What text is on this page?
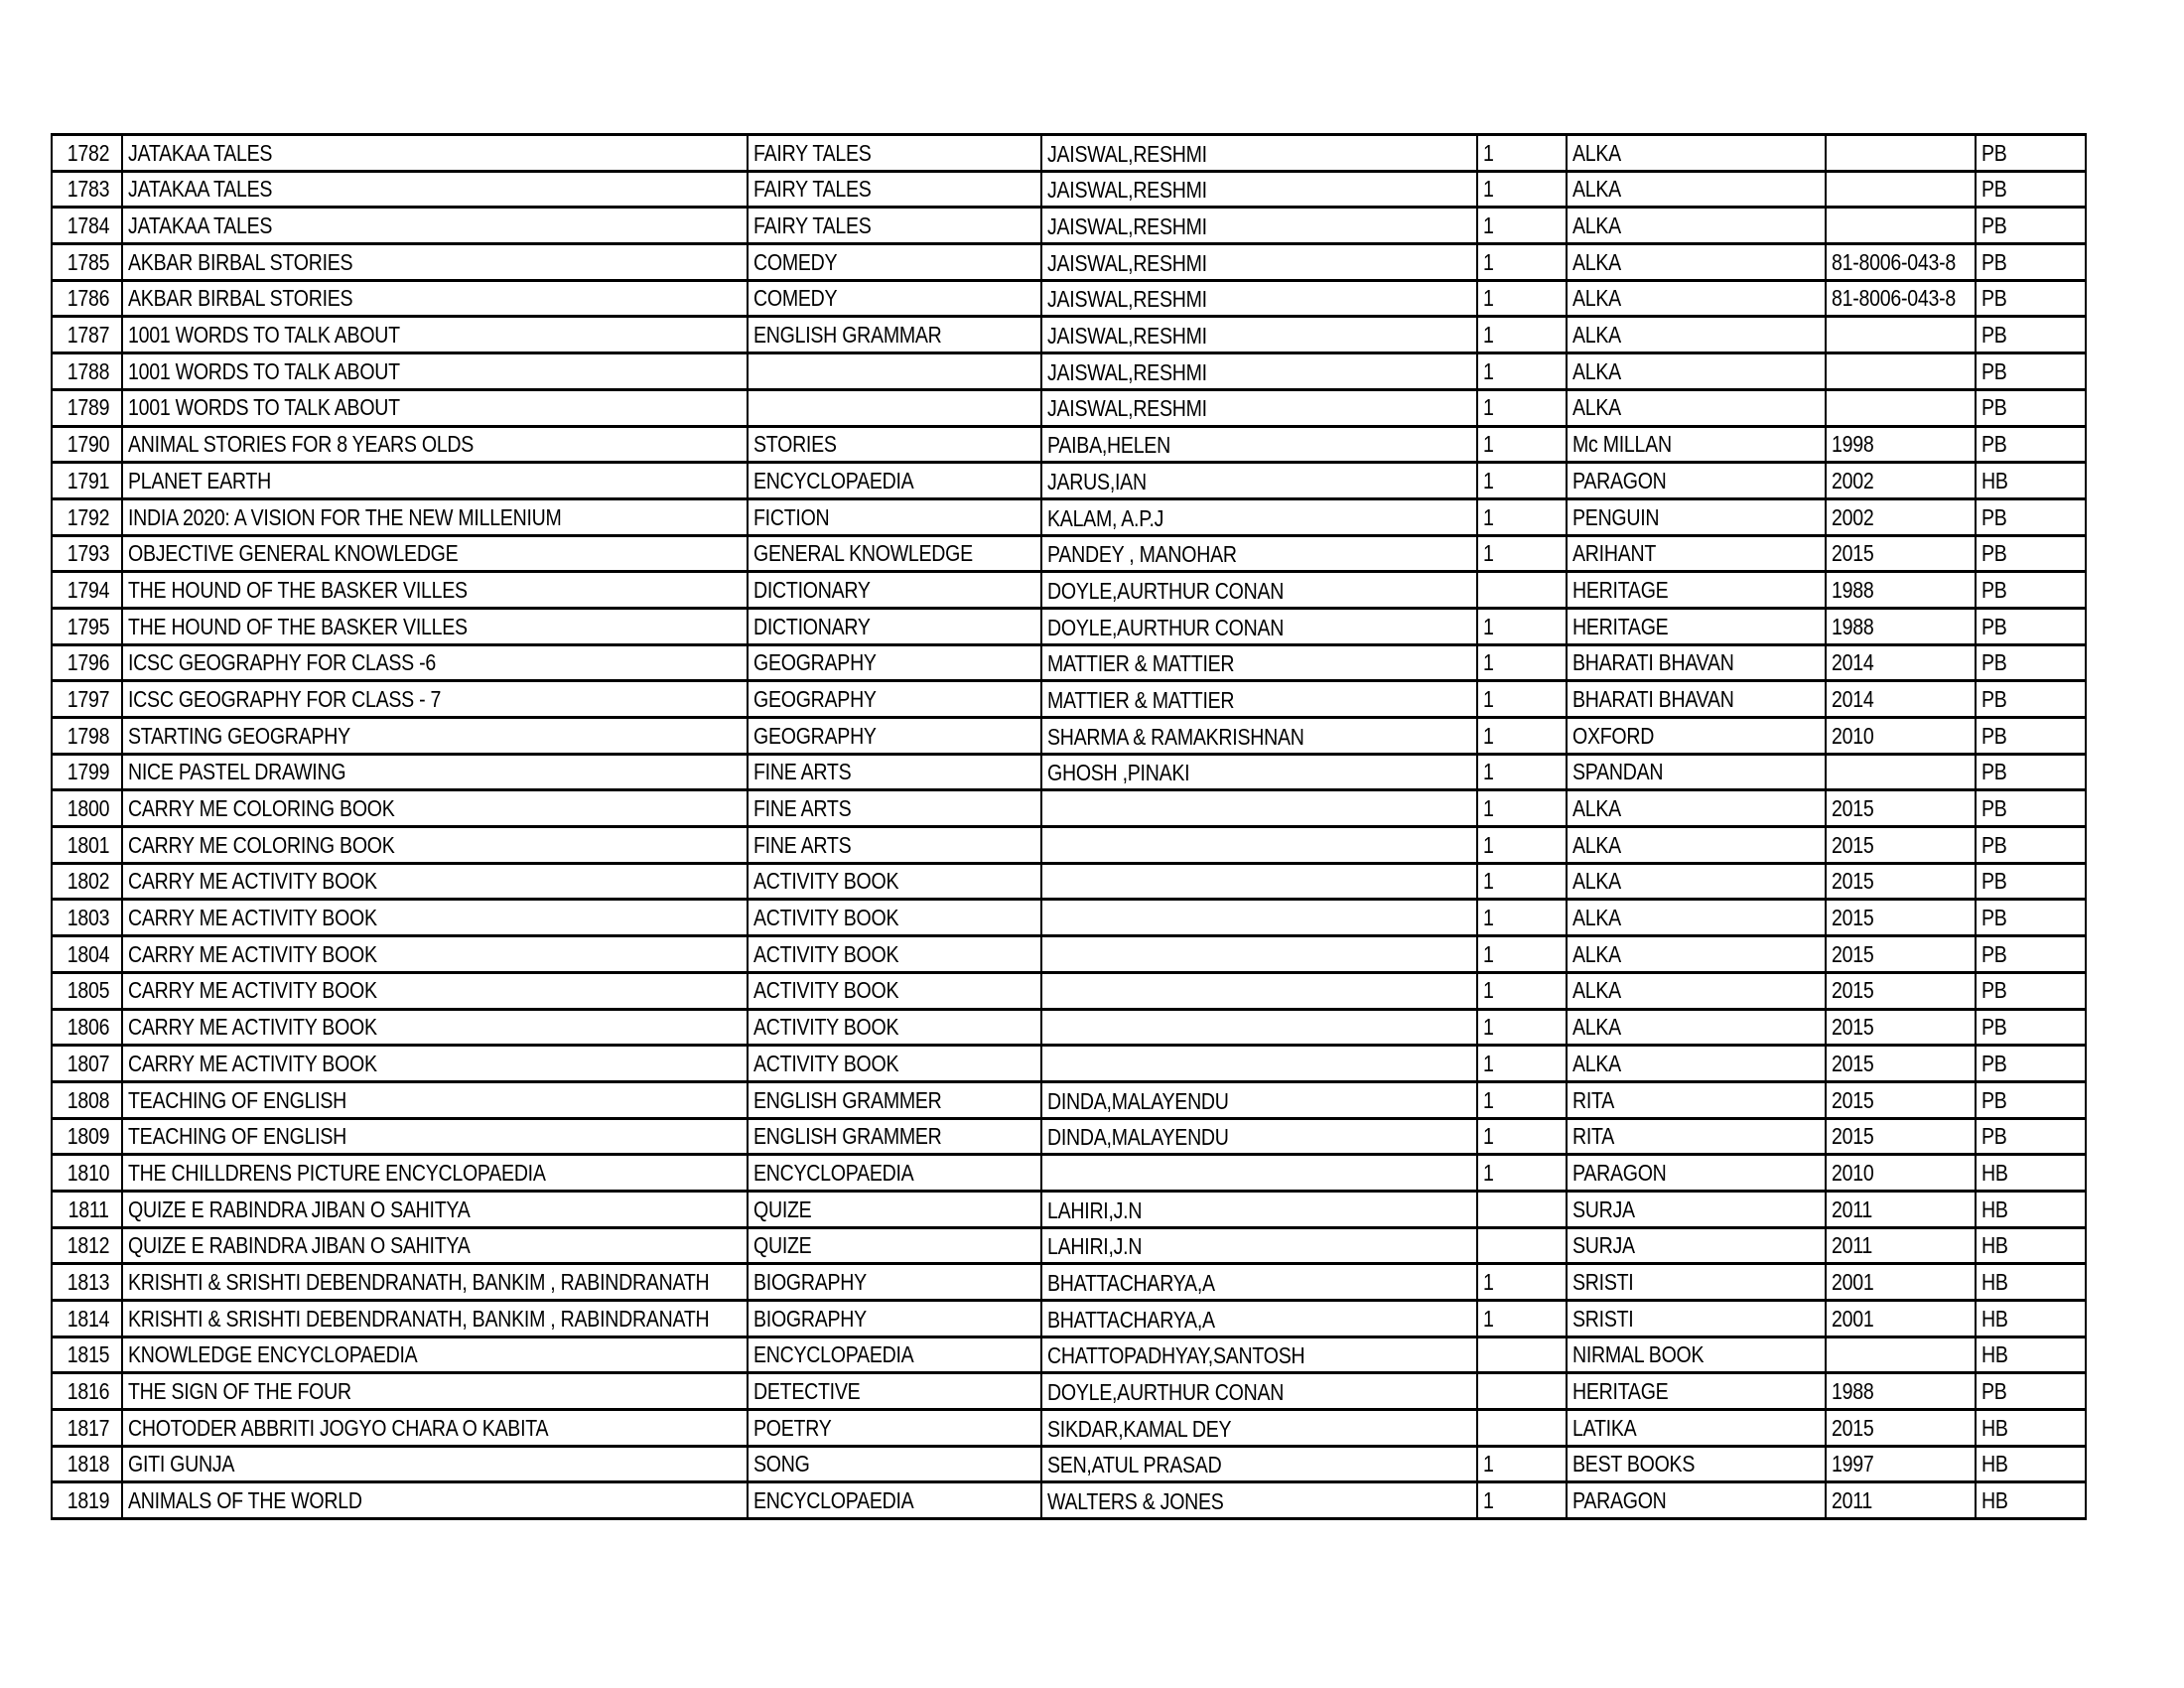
1782	JATAKAA TALES	FAIRY TALES	JAISWAL,RESHMI	1	ALKA		PB
1783	JATAKAA TALES	FAIRY TALES	JAISWAL,RESHMI	1	ALKA		PB
1784	JATAKAA TALES	FAIRY TALES	JAISWAL,RESHMI	1	ALKA		PB
1785	AKBAR BIRBAL STORIES	COMEDY	JAISWAL,RESHMI	1	ALKA	81-8006-043-8	PB
1786	AKBAR BIRBAL STORIES	COMEDY	JAISWAL,RESHMI	1	ALKA	81-8006-043-8	PB
1787	1001 WORDS TO TALK ABOUT	ENGLISH GRAMMAR	JAISWAL,RESHMI	1	ALKA		PB
1788	1001 WORDS TO TALK ABOUT		JAISWAL,RESHMI	1	ALKA		PB
1789	1001 WORDS TO TALK ABOUT		JAISWAL,RESHMI	1	ALKA		PB
1790	ANIMAL STORIES FOR 8 YEARS OLDS	STORIES	PAIBA,HELEN	1	Mc MILLAN	1998	PB
1791	PLANET EARTH	ENCYCLOPAEDIA	JARUS,IAN	1	PARAGON	2002	HB
1792	INDIA 2020: A VISION FOR THE NEW MILLENIUM	FICTION	KALAM, A.P.J	1	PENGUIN	2002	PB
1793	OBJECTIVE GENERAL KNOWLEDGE	GENERAL KNOWLEDGE	PANDEY , MANOHAR	1	ARIHANT	2015	PB
1794	THE HOUND OF THE BASKER VILLES	DICTIONARY	DOYLE,AURTHUR CONAN		HERITAGE	1988	PB
1795	THE HOUND OF THE BASKER VILLES	DICTIONARY	DOYLE,AURTHUR CONAN	1	HERITAGE	1988	PB
1796	ICSC GEOGRAPHY FOR CLASS -6	GEOGRAPHY	MATTIER & MATTIER	1	BHARATI BHAVAN	2014	PB
1797	ICSC GEOGRAPHY FOR CLASS - 7	GEOGRAPHY	MATTIER & MATTIER	1	BHARATI BHAVAN	2014	PB
1798	STARTING GEOGRAPHY	GEOGRAPHY	SHARMA & RAMAKRISHNAN	1	OXFORD	2010	PB
1799	NICE PASTEL DRAWING	FINE ARTS	GHOSH ,PINAKI	1	SPANDAN		PB
1800	CARRY ME COLORING BOOK	FINE ARTS		1	ALKA	2015	PB
1801	CARRY ME COLORING BOOK	FINE ARTS		1	ALKA	2015	PB
1802	CARRY ME ACTIVITY BOOK	ACTIVITY BOOK		1	ALKA	2015	PB
1803	CARRY ME ACTIVITY BOOK	ACTIVITY BOOK		1	ALKA	2015	PB
1804	CARRY ME ACTIVITY BOOK	ACTIVITY BOOK		1	ALKA	2015	PB
1805	CARRY ME ACTIVITY BOOK	ACTIVITY BOOK		1	ALKA	2015	PB
1806	CARRY ME ACTIVITY BOOK	ACTIVITY BOOK		1	ALKA	2015	PB
1807	CARRY ME ACTIVITY BOOK	ACTIVITY BOOK		1	ALKA	2015	PB
1808	TEACHING OF ENGLISH	ENGLISH GRAMMER	DINDA,MALAYENDU	1	RITA	2015	PB
1809	TEACHING OF ENGLISH	ENGLISH GRAMMER	DINDA,MALAYENDU	1	RITA	2015	PB
1810	THE CHILLDRENS PICTURE ENCYCLOPAEDIA	ENCYCLOPAEDIA		1	PARAGON	2010	HB
1811	QUIZE E RABINDRA JIBAN O SAHITYA	QUIZE	LAHIRI,J.N		SURJA	2011	HB
1812	QUIZE E RABINDRA JIBAN O SAHITYA	QUIZE	LAHIRI,J.N		SURJA	2011	HB
1813	KRISHTI & SRISHTI DEBENDRANATH, BANKIM , RABINDRANATH	BIOGRAPHY	BHATTACHARYA,A	1	SRISTI	2001	HB
1814	KRISHTI & SRISHTI DEBENDRANATH, BANKIM , RABINDRANATH	BIOGRAPHY	BHATTACHARYA,A	1	SRISTI	2001	HB
1815	KNOWLEDGE ENCYCLOPAEDIA	ENCYCLOPAEDIA	CHATTOPADHYAY,SANTOSH		NIRMAL BOOK		HB
1816	THE SIGN OF THE FOUR	DETECTIVE	DOYLE,AURTHUR CONAN		HERITAGE	1988	PB
1817	CHOTODER ABBRITI JOGYO CHARA O KABITA	POETRY	SIKDAR,KAMAL DEY		LATIKA	2015	HB
1818	GITI GUNJA	SONG	SEN,ATUL PRASAD	1	BEST BOOKS	1997	HB
1819	ANIMALS OF THE WORLD	ENCYCLOPAEDIA	WALTERS & JONES	1	PARAGON	2011	HB
